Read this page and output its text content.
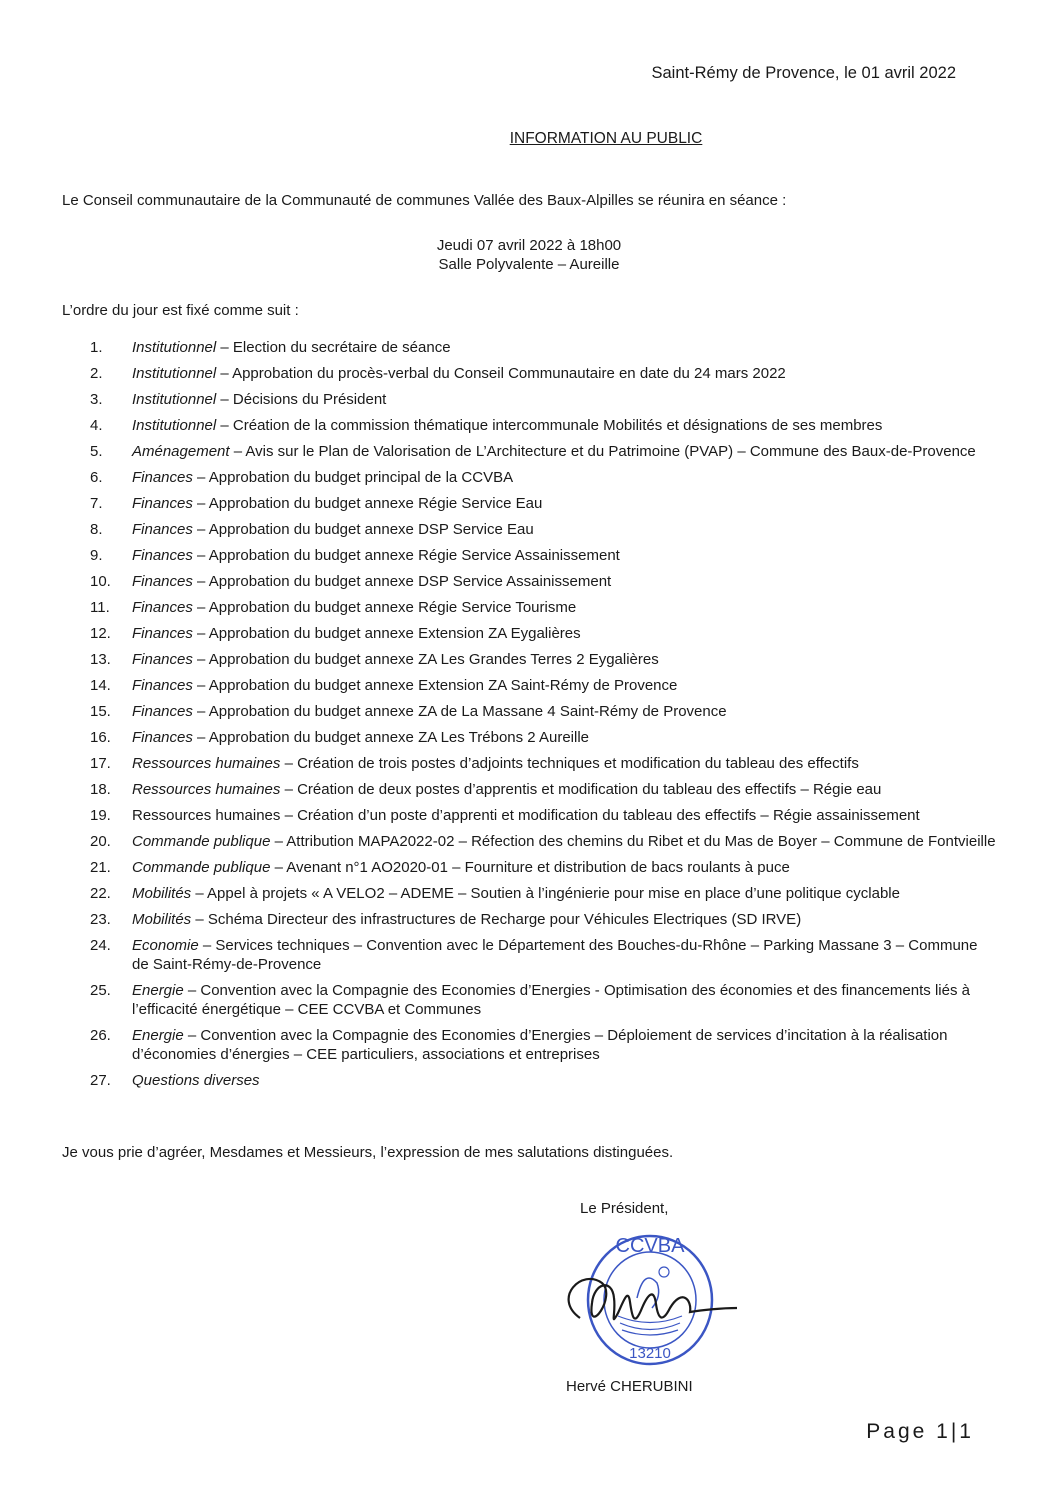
Saint-Rémy de Provence, le 01 avril 2022
INFORMATION AU PUBLIC
Le Conseil communautaire de la Communauté de communes Vallée des Baux-Alpilles se réunira en séance :
Jeudi 07 avril 2022 à 18h00
Salle Polyvalente – Aureille
L’ordre du jour est fixé comme suit :
1.	Institutionnel – Election du secrétaire de séance
2.	Institutionnel – Approbation du procès-verbal du Conseil Communautaire en date du 24 mars 2022
3.	Institutionnel – Décisions du Président
4.	Institutionnel – Création de la commission thématique intercommunale Mobilités et désignations de ses membres
5.	Aménagement – Avis sur le Plan de Valorisation de L’Architecture et du Patrimoine (PVAP) – Commune des Baux-de-Provence
6.	Finances – Approbation du budget principal de la CCVBA
7.	Finances – Approbation du budget annexe Régie Service Eau
8.	Finances – Approbation du budget annexe DSP Service Eau
9.	Finances – Approbation du budget annexe Régie Service Assainissement
10.	Finances – Approbation du budget annexe DSP Service Assainissement
11.	Finances – Approbation du budget annexe Régie Service Tourisme
12.	Finances – Approbation du budget annexe Extension ZA Eygalières
13.	Finances – Approbation du budget annexe ZA Les Grandes Terres 2 Eygalières
14.	Finances – Approbation du budget annexe Extension ZA Saint-Rémy de Provence
15.	Finances – Approbation du budget annexe ZA de La Massane 4 Saint-Rémy de Provence
16.	Finances – Approbation du budget annexe ZA Les Trébons 2 Aureille
17.	Ressources humaines – Création de trois postes d’adjoints techniques et modification du tableau des effectifs
18.	Ressources humaines – Création de deux postes d’apprentis et modification du tableau des effectifs – Régie eau
19.	Ressources humaines – Création d’un poste d’apprenti et modification du tableau des effectifs – Régie assainissement
20.	Commande publique – Attribution MAPA2022-02 – Réfection des chemins du Ribet et du Mas de Boyer – Commune de Fontvieille
21.	Commande publique – Avenant n°1 AO2020-01 – Fourniture et distribution de bacs roulants à puce
22.	Mobilités – Appel à projets « A VELO2 – ADEME – Soutien à l’ingénierie pour mise en place d’une politique cyclable
23.	Mobilités – Schéma Directeur des infrastructures de Recharge pour Véhicules Electriques (SD IRVE)
24.	Economie – Services techniques – Convention avec le Département des Bouches-du-Rhône – Parking Massane 3 – Commune de Saint-Rémy-de-Provence
25.	Energie – Convention avec la Compagnie des Economies d’Energies - Optimisation des économies et des financements liés à l’efficacité énergétique – CEE CCVBA et Communes
26.	Energie – Convention avec la Compagnie des Economies d’Energies – Déploiement de services d’incitation à la réalisation d’économies d’énergies – CEE particuliers, associations et entreprises
27.	Questions diverses
Je vous prie d’agréer, Mesdames et Messieurs, l’expression de mes salutations distinguées.
Le Président,
CCVBA
13210
Hervé CHERUBINI
Page 1|1
